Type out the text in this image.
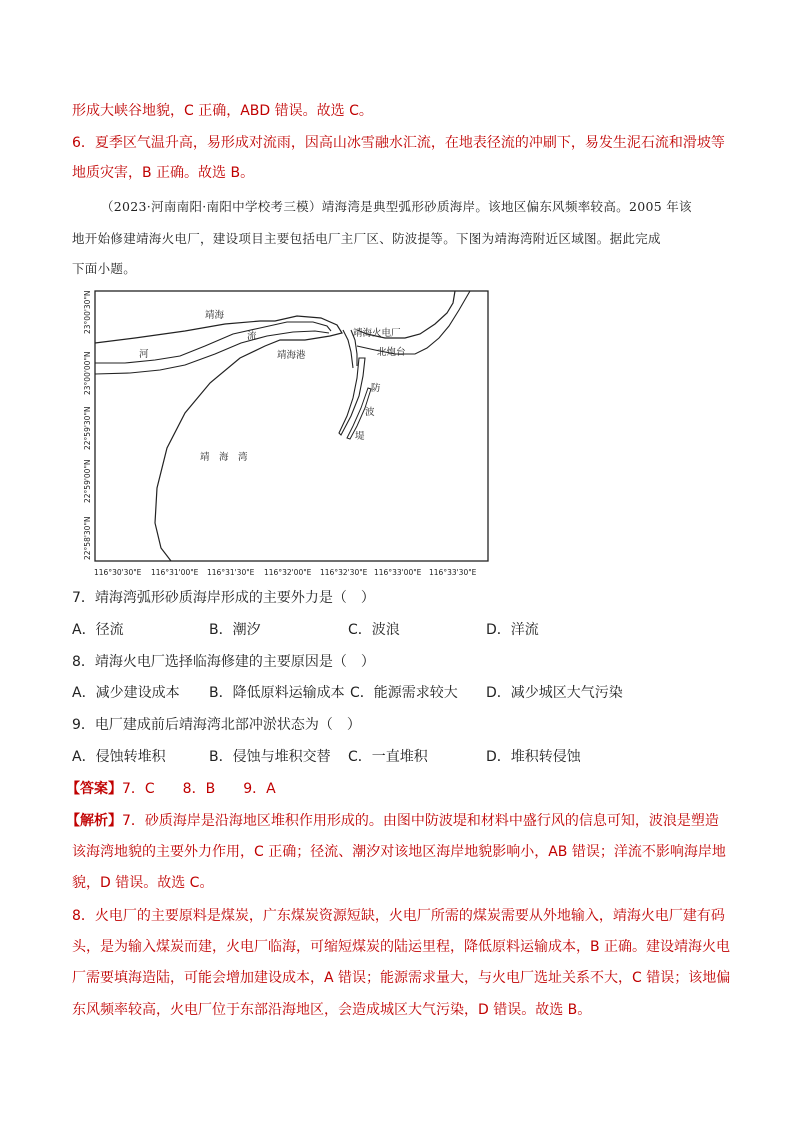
形成大峡谷地貌，C 正确，ABD 错误。故选 C。
6．夏季区气温升高，易形成对流雨，因高山冰雪融水汇流，在地表径流的冲刷下，易发生泥石流和滑坡等
地质灾害，B 正确。故选 B。
（2023·河南南阳·南阳中学校考三模）靖海湾是典型弧形砂质海岸。该地区偏东风频率较高。2005 年该
地开始修建靖海火电厂，建设项目主要包括电厂主厂区、防波提等。下图为靖海湾附近区域图。据此完成
下面小题。
靖海
流
河	靖海港
靖海火电厂
北炮台
防
波
堤
靖　海　湾
23°00'30"N
23°00'00"N
22°59'30"N
22°59'00"N
22°58'30"N
116°30'30"E 116°31'00"E 116°31'30"E 116°32'00"E 116°32'30"E 116°33'00"E 116°33'30"E
7．靖海湾弧形砂质海岸形成的主要外力是（　）
A．径流	B．潮汐	C．波浪	D．洋流
8．靖海火电厂选择临海修建的主要原因是（　）
A．减少建设成本 B．降低原料运输成本 C．能源需求较大 D．减少城区大气污染
9．电厂建成前后靖海湾北部冲淤状态为（　）
A．侵蚀转堆积	B．侵蚀与堆积交替 C．一直堆积	D．堆积转侵蚀
【答案】7．C　　8．B　　9．A
【解析】7．砂质海岸是沿海地区堆积作用形成的。由图中防波堤和材料中盛行风的信息可知，波浪是塑造
该海湾地貌的主要外力作用，C 正确；径流、潮汐对该地区海岸地貌影响小，AB 错误；洋流不影响海岸地
貌，D 错误。故选 C。
8．火电厂的主要原料是煤炭，广东煤炭资源短缺，火电厂所需的煤炭需要从外地输入，靖海火电厂建有码
头，是为输入煤炭而建，火电厂临海，可缩短煤炭的陆运里程，降低原料运输成本，B 正确。建设靖海火电
厂需要填海造陆，可能会增加建设成本，A 错误；能源需求量大，与火电厂选址关系不大，C 错误；该地偏
东风频率较高，火电厂位于东部沿海地区，会造成城区大气污染，D 错误。故选 B。
